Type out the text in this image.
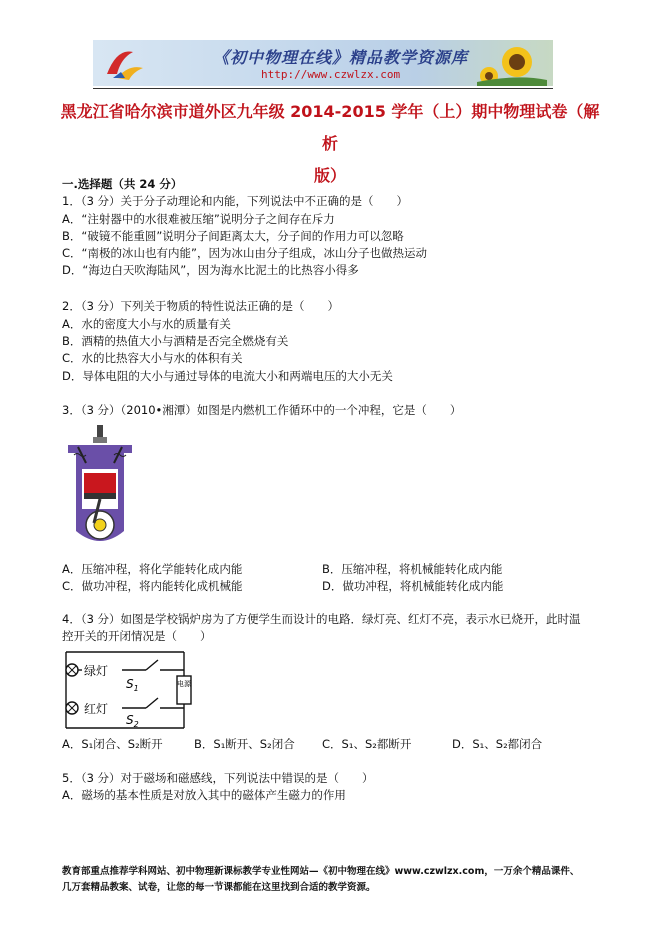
《初中物理在线》精品教学资源库
http://www.czwlzx.com
黑龙江省哈尔滨市道外区九年级 2014-2015 学年（上）期中物理试卷（解析
版）
一.选择题（共 24 分）
1．（3 分）关于分子动理论和内能，下列说法中不正确的是（　　）
A．“注射器中的水很难被压缩”说明分子之间存在斥力
B．“破镜不能重圆”说明分子间距离太大，分子间的作用力可以忽略
C．“南极的冰山也有内能”，因为冰山由分子组成，冰山分子也做热运动
D．“海边白天吹海陆风”，因为海水比泥土的比热容小得多
2．（3 分）下列关于物质的特性说法正确的是（　　）
A．水的密度大小与水的质量有关
B．酒精的热值大小与酒精是否完全燃烧有关
C．水的比热容大小与水的体积有关
D．导体电阻的大小与通过导体的电流大小和两端电压的大小无关
3．（3 分）（2010•湘潭）如图是内燃机工作循环中的一个冲程，它是（　　）
A．压缩冲程，将化学能转化成内能	B．压缩冲程，将机械能转化成内能
C．做功冲程，将内能转化成机械能	D．做功冲程，将机械能转化成内能
4．（3 分）如图是学校锅炉房为了方便学生而设计的电路．绿灯亮、红灯不亮，表示水已烧开，此时温
控开关的开闭情况是（　　）
电源
绿灯
$S_1$
红灯
$S_2$
A．S₁闭合、S₂断开	B．S₁断开、S₂闭合 C．S₁、S₂都断开	D．S₁、S₂都闭合
5．（3 分）对于磁场和磁感线，下列说法中错误的是（　　）
A．磁场的基本性质是对放入其中的磁体产生磁力的作用
教育部重点推荐学科网站、初中物理新课标教学专业性网站—《初中物理在线》www.czwlzx.com，一万余个精品课件、
几万套精品教案、试卷，让您的每一节课都能在这里找到合适的教学资源。
